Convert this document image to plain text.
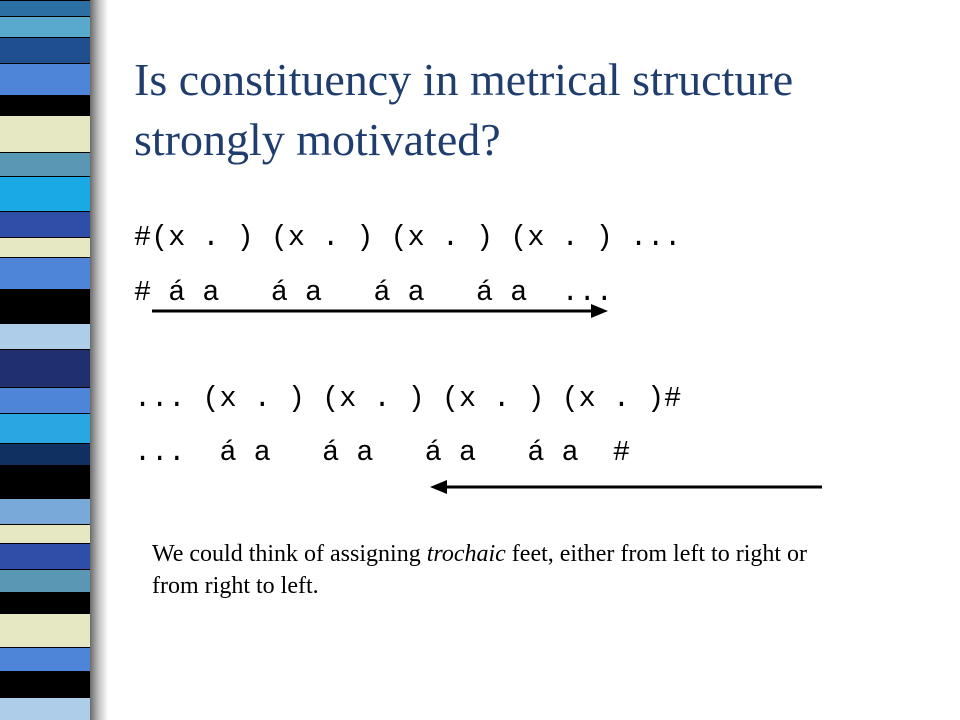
Is constituency in metrical structure strongly motivated?
#(x . ) (x . ) (x . ) (x . ) ...
# á a   á a   á a   á a  ...
... (x . ) (x . ) (x . ) (x . )#
...  á a   á a   á a   á a  #

We could think of assigning trochaic feet, either from left to right or from right to left.
